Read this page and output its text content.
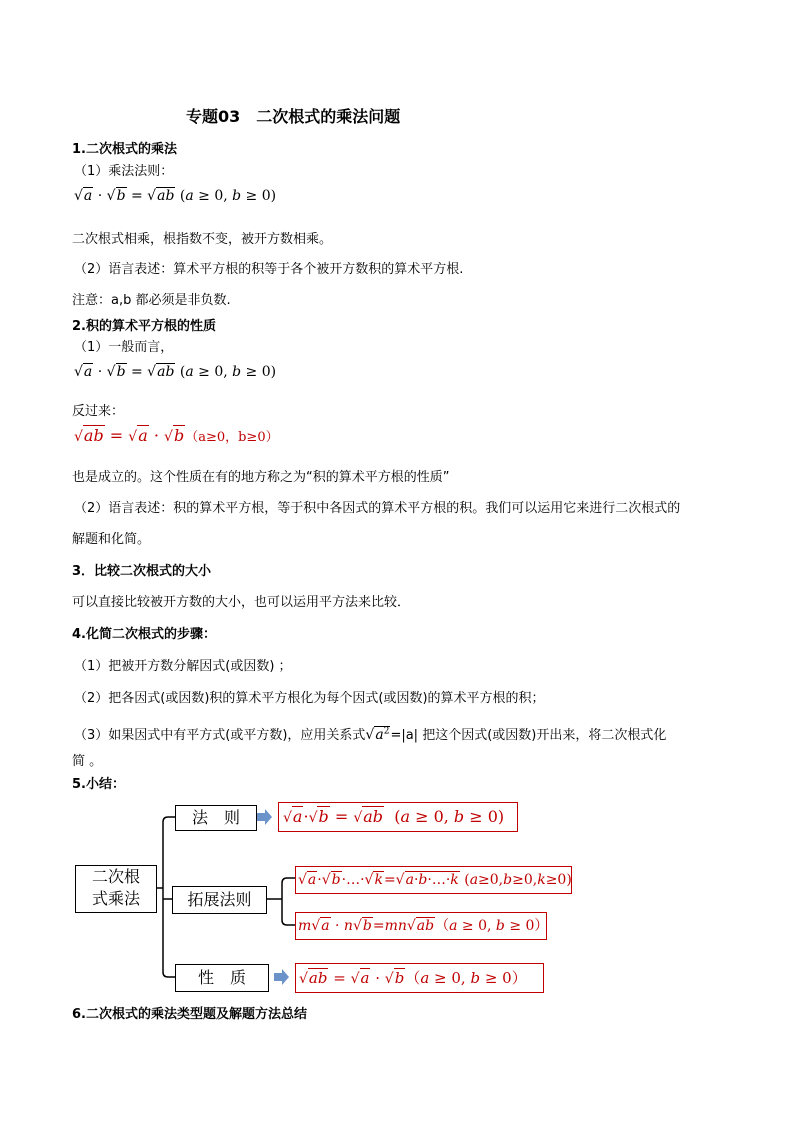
专题03　二次根式的乘法问题
1.二次根式的乘法
（1）乘法法则：
√a · √b = √ab (a ≥ 0, b ≥ 0)
二次根式相乘，根指数不变，被开方数相乘。
（2）语言表述：算术平方根的积等于各个被开方数积的算术平方根.
注意：a,b 都必须是非负数.
2.积的算术平方根的性质
（1）一般而言，
√a · √b = √ab (a ≥ 0, b ≥ 0)
反过来：
√ab = √a · √b（a≥0，b≥0）
也是成立的。这个性质在有的地方称之为“积的算术平方根的性质”
（2）语言表述：积的算术平方根，等于积中各因式的算术平方根的积。我们可以运用它来进行二次根式的
解题和化简。
3．比较二次根式的大小
可以直接比较被开方数的大小，也可以运用平方法来比较．
4.化简二次根式的步骤：
（1）把被开方数分解因式(或因数) ；
（2）把各因式(或因数)积的算术平方根化为每个因式(或因数)的算术平方根的积；
（3）如果因式中有平方式(或平方数)，应用关系式$√a^2=|a|$ 把这个因式(或因数)开出来，将二次根式化
简 。
5.小结：
二次根
式乘法
法　则
拓展法则
性　质
√a·√b = √ab  (a ≥ 0, b ≥ 0)
√a·√b·…·√k=√a·b·…·k (a≥0,b≥0,k≥0)
m√a · n√b=mn√ab（a ≥ 0, b ≥ 0）
√ab = √a · √b（a ≥ 0, b ≥ 0）
6.二次根式的乘法类型题及解题方法总结
